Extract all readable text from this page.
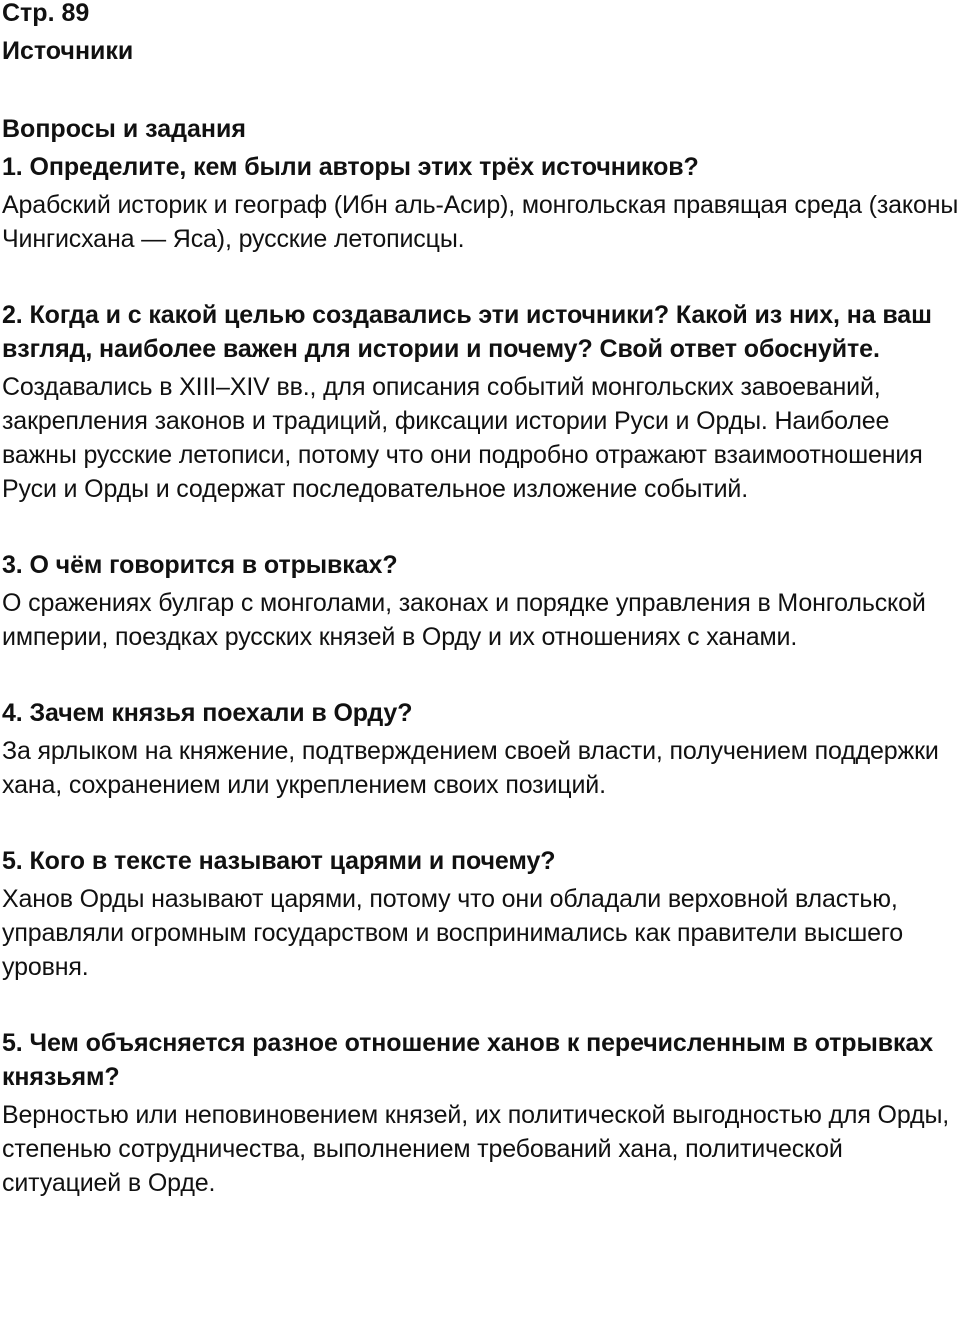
Стр. 89

Источники

Вопросы и задания

1. Определите, кем были авторы этих трёх источников?

Арабский историк и географ (Ибн аль-Асир), монгольская правящая среда (законы Чингисхана — Яса), русские летописцы.

2. Когда и с какой целью создавались эти источники? Какой из них, на ваш взгляд, наиболее важен для истории и почему? Свой ответ обоснуйте.

Создавались в XIII–XIV вв., для описания событий монгольских завоеваний, закрепления законов и традиций, фиксации истории Руси и Орды. Наиболее важны русские летописи, потому что они подробно отражают взаимоотношения Руси и Орды и содержат последовательное изложение событий.

3. О чём говорится в отрывках?

О сражениях булгар с монголами, законах и порядке управления в Монгольской империи, поездках русских князей в Орду и их отношениях с ханами.

4. Зачем князья поехали в Орду?

За ярлыком на княжение, подтверждением своей власти, получением поддержки хана, сохранением или укреплением своих позиций.

5. Кого в тексте называют царями и почему?

Ханов Орды называют царями, потому что они обладали верховной властью, управляли огромным государством и воспринимались как правители высшего уровня.

5. Чем объясняется разное отношение ханов к перечисленным в отрывках князьям?

Верностью или неповиновением князей, их политической выгодностью для Орды, степенью сотрудничества, выполнением требований хана, политической ситуацией в Орде.
